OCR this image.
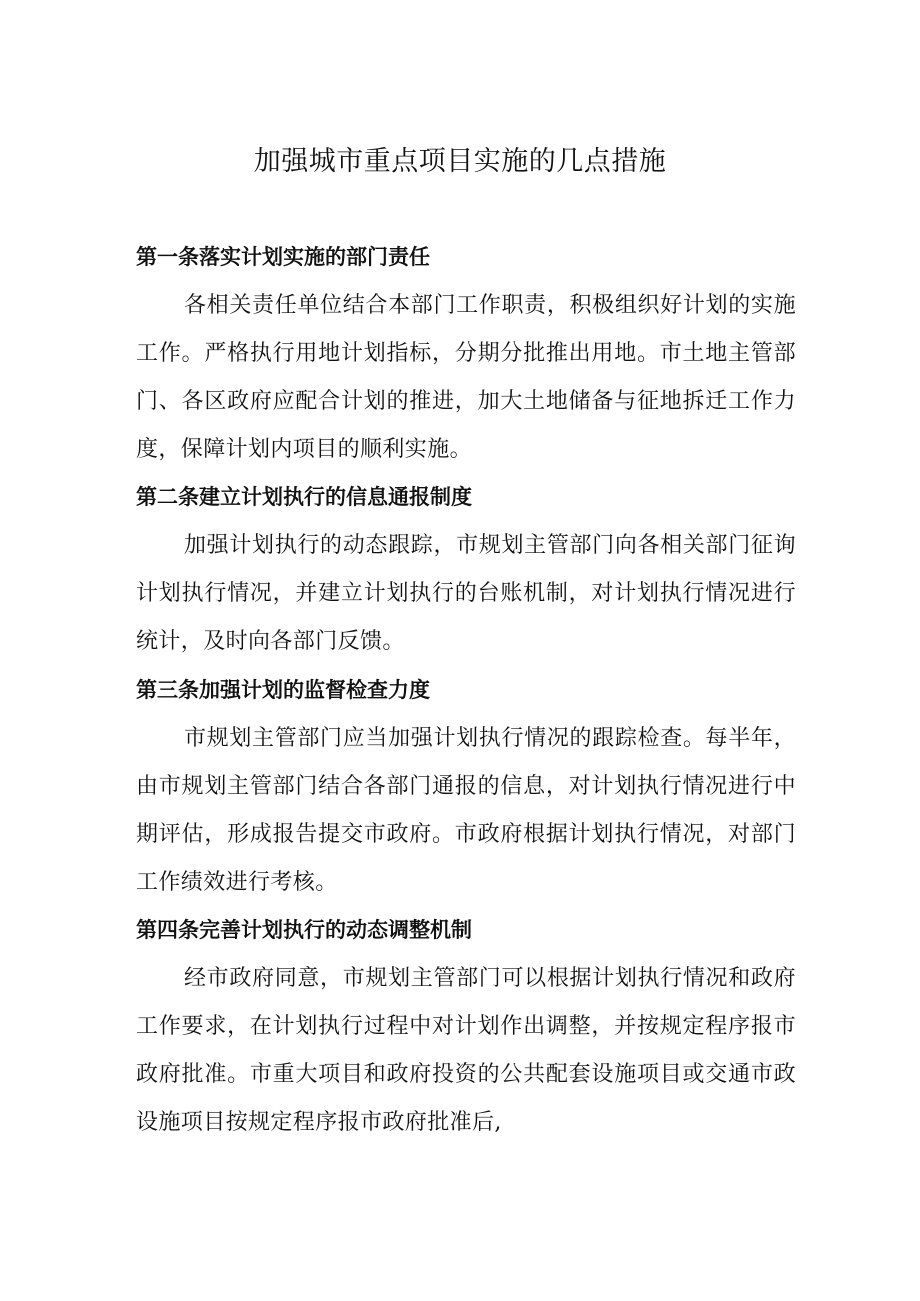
加强城市重点项目实施的几点措施
第一条落实计划实施的部门责任

各相关责任单位结合本部门工作职责，积极组织好计划的实施工作。严格执行用地计划指标，分期分批推出用地。市土地主管部门、各区政府应配合计划的推进，加大土地储备与征地拆迁工作力度，保障计划内项目的顺利实施。

第二条建立计划执行的信息通报制度

加强计划执行的动态跟踪，市规划主管部门向各相关部门征询计划执行情况，并建立计划执行的台账机制，对计划执行情况进行统计，及时向各部门反馈。

第三条加强计划的监督检查力度

市规划主管部门应当加强计划执行情况的跟踪检查。每半年，由市规划主管部门结合各部门通报的信息，对计划执行情况进行中期评估，形成报告提交市政府。市政府根据计划执行情况，对部门工作绩效进行考核。

第四条完善计划执行的动态调整机制

经市政府同意，市规划主管部门可以根据计划执行情况和政府工作要求，在计划执行过程中对计划作出调整，并按规定程序报市政府批准。市重大项目和政府投资的公共配套设施项目或交通市政设施项目按规定程序报市政府批准后,
